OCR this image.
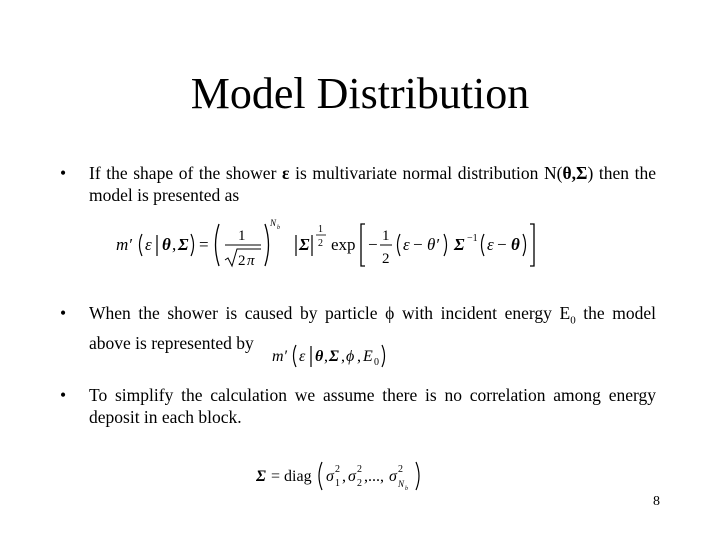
Model Distribution
• If the shape of the shower ε is multivariate normal distribution N(θ,Σ) then the model is presented as
m′ ε θ , Σ = 1
2 π
N b
Σ
1
2 exp − 1
2
ε − θ′ Σ −1 ε − θ
• When the shower is caused by particle ϕ with incident energy $E_0$ the model above is represented by
m′ ε θ , Σ , ϕ , E 0
• To simplify the calculation we assume there is no correlation among energy deposit in each block.
Σ = diag σ 2
1 , σ 2
2 ,..., σ 2
N b
8
